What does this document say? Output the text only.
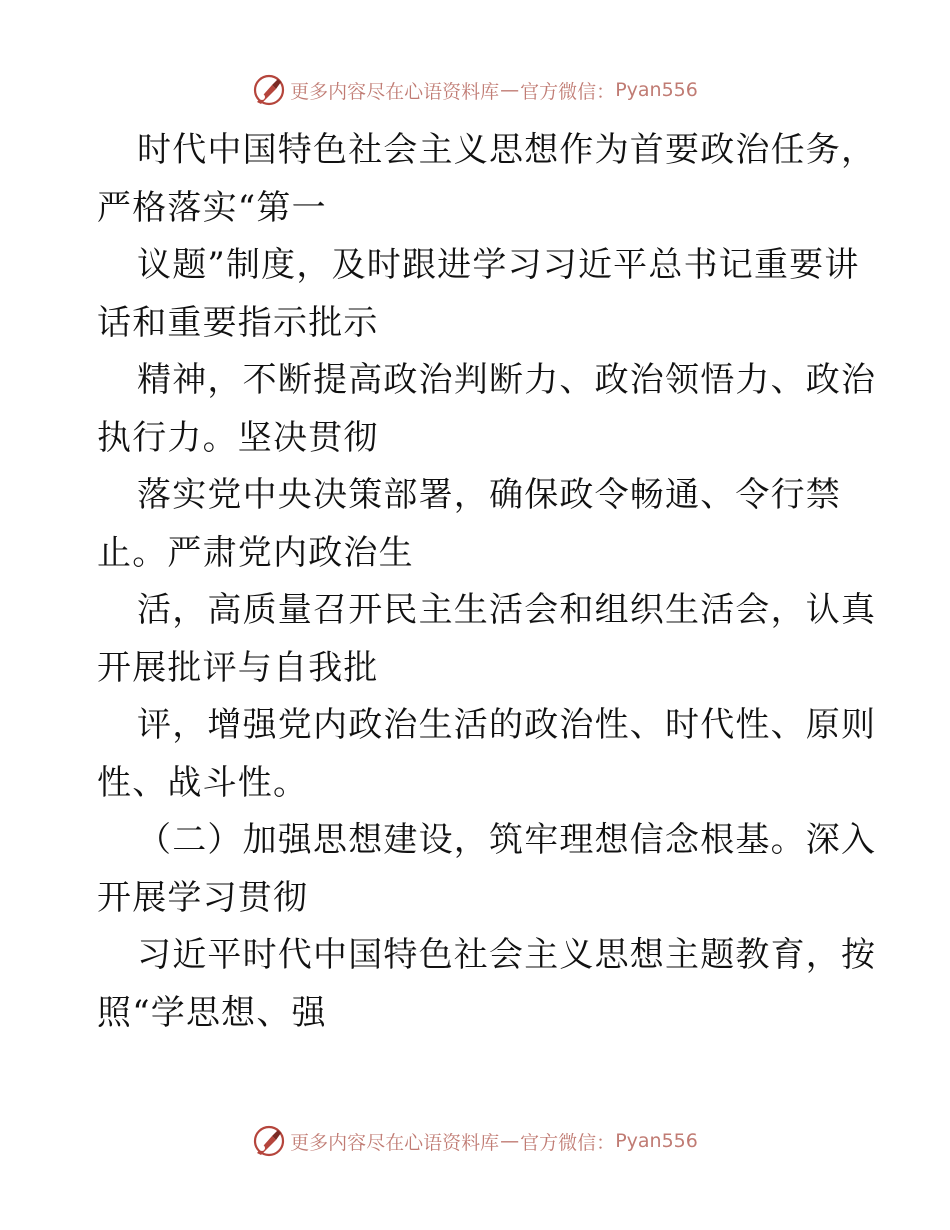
更多内容尽在心语资料库 — 官方微信： Pyan556
时代中国特色社会主义思想作为首要政治任务，
严格落实“第一
议题”制度，及时跟进学习习近平总书记重要讲
话和重要指示批示
精神，不断提高政治判断力、政治领悟力、政治
执行力。坚决贯彻
落实党中央决策部署，确保政令畅通、令行禁
止。严肃党内政治生
活，高质量召开民主生活会和组织生活会，认真
开展批评与自我批
评，增强党内政治生活的政治性、时代性、原则
性、战斗性。
（二）加强思想建设，筑牢理想信念根基。深入
开展学习贯彻
习近平时代中国特色社会主义思想主题教育，按
照“学思想、强
更多内容尽在心语资料库 — 官方微信： Pyan556
